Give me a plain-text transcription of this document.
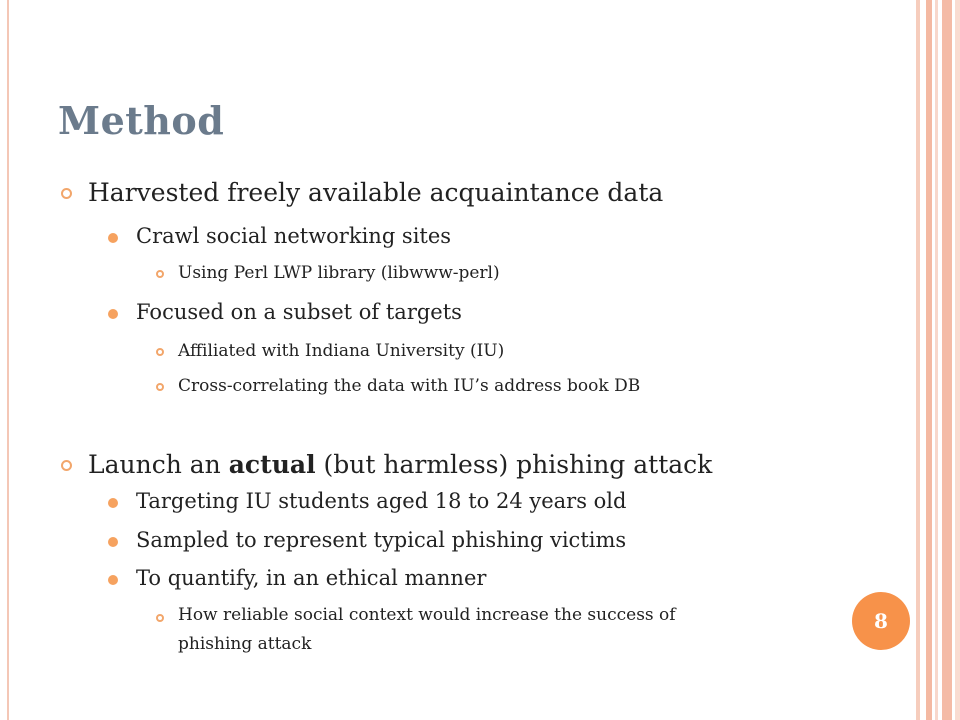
Method
Harvested freely available acquaintance data
Crawl social networking sites
Using Perl LWP library (libwww-perl)
Focused on a subset of targets
Affiliated with Indiana University (IU)
Cross-correlating the data with IU’s address book DB
Launch an actual (but harmless) phishing attack
Targeting IU students aged 18 to 24 years old
Sampled to represent typical phishing victims
To quantify, in an ethical manner
How reliable social context would increase the success of
phishing attack
8
